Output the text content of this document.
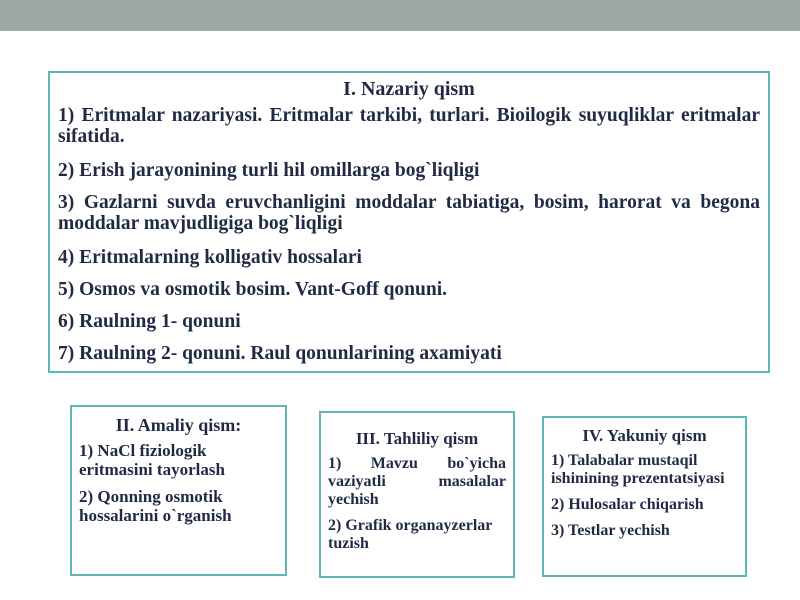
I. Nazariy qism
1) Eritmalar nazariyasi. Eritmalar tarkibi, turlari. Bioilogik suyuqliklar eritmalar sifatida.
2) Erish jarayonining turli hil omillarga bog`liqligi
3) Gazlarni suvda eruvchanligini moddalar tabiatiga, bosim, harorat va begona moddalar mavjudligiga bog`liqligi
4) Eritmalarning kolligativ hossalari
5) Osmos va osmotik bosim. Vant-Goff qonuni.
6) Raulning 1- qonuni
7) Raulning 2- qonuni. Raul qonunlarining axamiyati
II. Amaliy qism:
1) NaCl fiziologik eritmasini tayorlash
2) Qonning osmotik hossalarini o`rganish
III. Tahliliy qism
1) Mavzu bo`yicha vaziyatli masalalar yechish
2) Grafik organayzerlar tuzish
IV. Yakuniy qism
1) Talabalar mustaqil ishinining prezentatsiyasi
2) Hulosalar chiqarish
3) Testlar yechish
